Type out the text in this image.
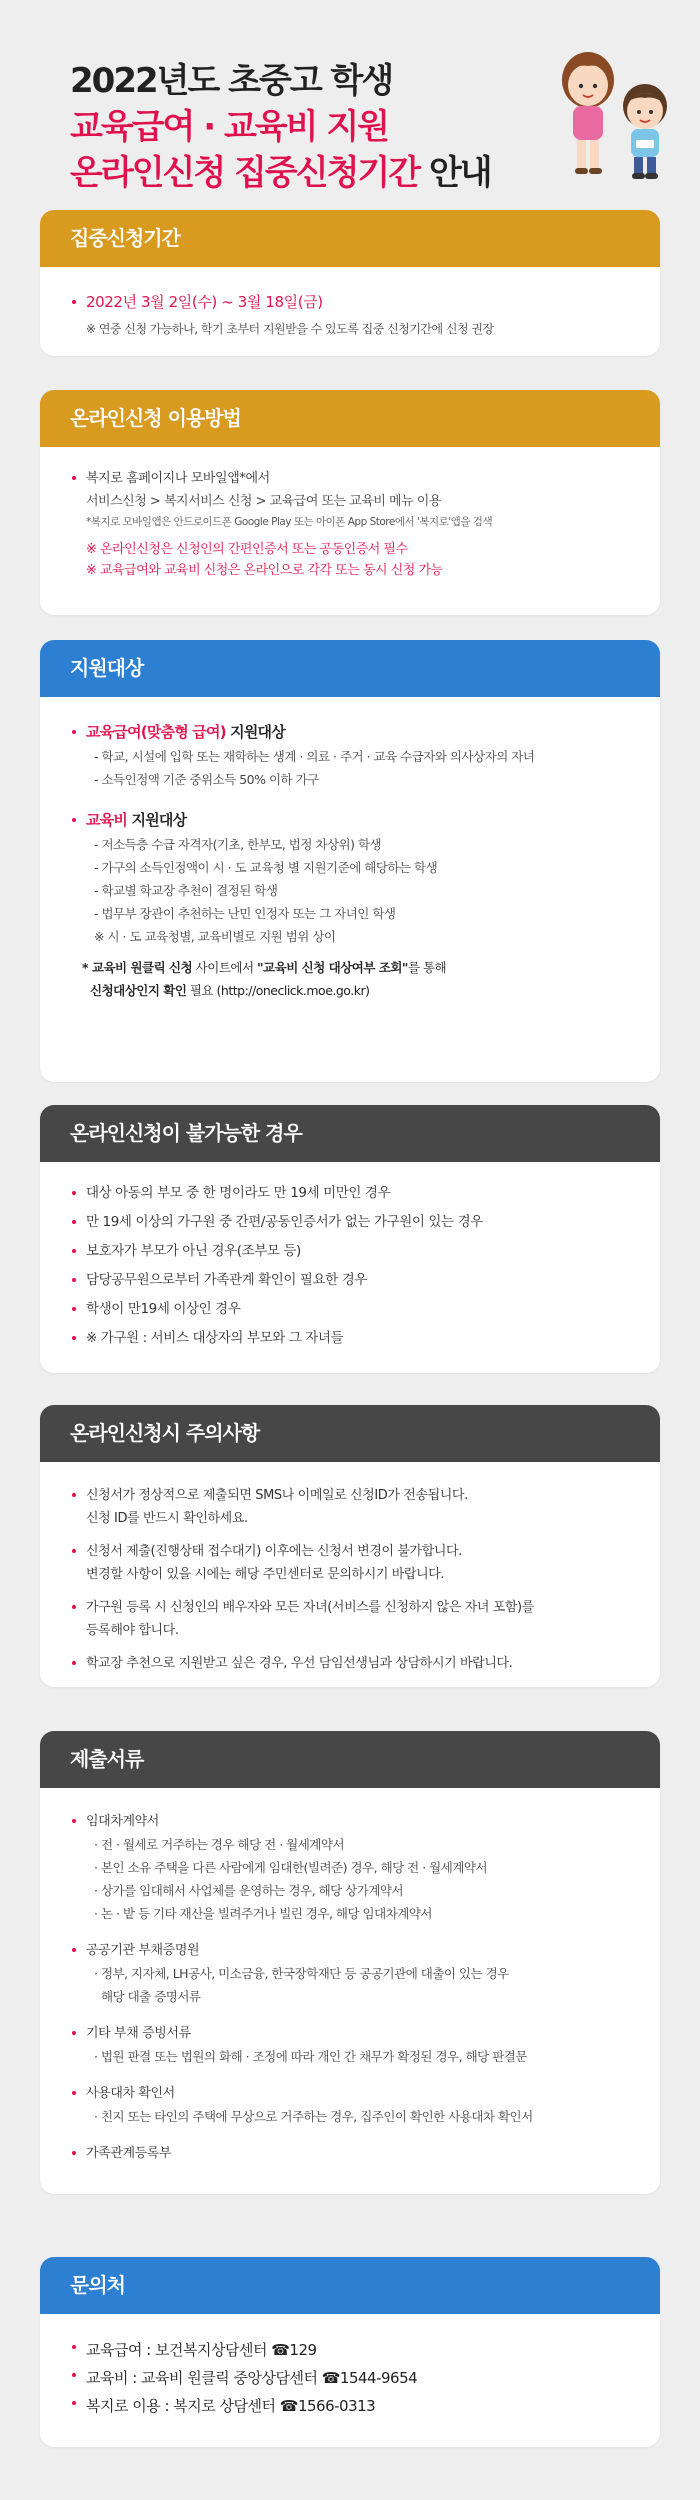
2022년도 초중고 학생
교육급여 · 교육비 지원
온라인신청 집중신청기간 안내
집중신청기간
2022년 3월 2일(수) ~ 3월 18일(금)
※ 연중 신청 가능하나, 학기 초부터 지원받을 수 있도록 집중 신청기간에 신청 권장
온라인신청 이용방법
복지로 홈페이지나 모바일앱*에서
서비스신청 > 복지서비스 신청 > 교육급여 또는 교육비 메뉴 이용
*복지로 모바일앱은 안드로이드폰 Google Play 또는 아이폰 App Store에서 '복지로'앱을 검색
※ 온라인신청은 신청인의 간편인증서 또는 공동인증서 필수
※ 교육급여와 교육비 신청은 온라인으로 각각 또는 동시 신청 가능
지원대상
교육급여(맞춤형 급여) 지원대상
- 학교, 시설에 입학 또는 재학하는 생계 · 의료 · 주거 · 교육 수급자와 의사상자의 자녀
- 소득인정액 기준 중위소득 50% 이하 가구
교육비 지원대상
- 저소득층 수급 자격자(기초, 한부모, 법정 차상위) 학생
- 가구의 소득인정액이 시 · 도 교육청 별 지원기준에 해당하는 학생
- 학교별 학교장 추천이 결정된 학생
- 법무부 장관이 추천하는 난민 인정자 또는 그 자녀인 학생
※ 시 · 도 교육청별, 교육비별로 지원 범위 상이
* 교육비 원클릭 신청 사이트에서 "교육비 신청 대상여부 조회"를 통해
신청대상인지 확인 필요 (http://oneclick.moe.go.kr)
온라인신청이 불가능한 경우
대상 아동의 부모 중 한 명이라도 만 19세 미만인 경우
만 19세 이상의 가구원 중 간편/공동인증서가 없는 가구원이 있는 경우
보호자가 부모가 아닌 경우(조부모 등)
담당공무원으로부터 가족관계 확인이 필요한 경우
학생이 만19세 이상인 경우
※ 가구원 : 서비스 대상자의 부모와 그 자녀들
온라인신청시 주의사항
신청서가 정상적으로 제출되면 SMS나 이메일로 신청ID가 전송됩니다.
신청 ID를 반드시 확인하세요.
신청서 제출(진행상태 접수대기) 이후에는 신청서 변경이 불가합니다.
변경할 사항이 있을 시에는 해당 주민센터로 문의하시기 바랍니다.
가구원 등록 시 신청인의 배우자와 모든 자녀(서비스를 신청하지 않은 자녀 포함)를
등록해야 합니다.
학교장 추천으로 지원받고 싶은 경우, 우선 담임선생님과 상담하시기 바랍니다.
제출서류
임대차계약서
· 전 · 월세로 거주하는 경우 해당 전 · 월세계약서
· 본인 소유 주택을 다른 사람에게 임대한(빌려준) 경우, 해당 전 · 월세계약서
· 상가를 임대해서 사업체를 운영하는 경우, 해당 상가계약서
· 논 · 밭 등 기타 재산을 빌려주거나 빌린 경우, 해당 임대차계약서
공공기관 부채증명원
· 정부, 지자체, LH공사, 미소금융, 한국장학재단 등 공공기관에 대출이 있는 경우
해당 대출 증명서류
기타 부채 증빙서류
· 법원 판결 또는 법원의 화해 · 조정에 따라 개인 간 채무가 확정된 경우, 해당 판결문
사용대차 확인서
· 친지 또는 타인의 주택에 무상으로 거주하는 경우, 집주인이 확인한 사용대차 확인서
가족관계등록부
문의처
교육급여 : 보건복지상담센터 ☎129
교육비 : 교육비 원클릭 중앙상담센터 ☎1544-9654
복지로 이용 : 복지로 상담센터 ☎1566-0313
